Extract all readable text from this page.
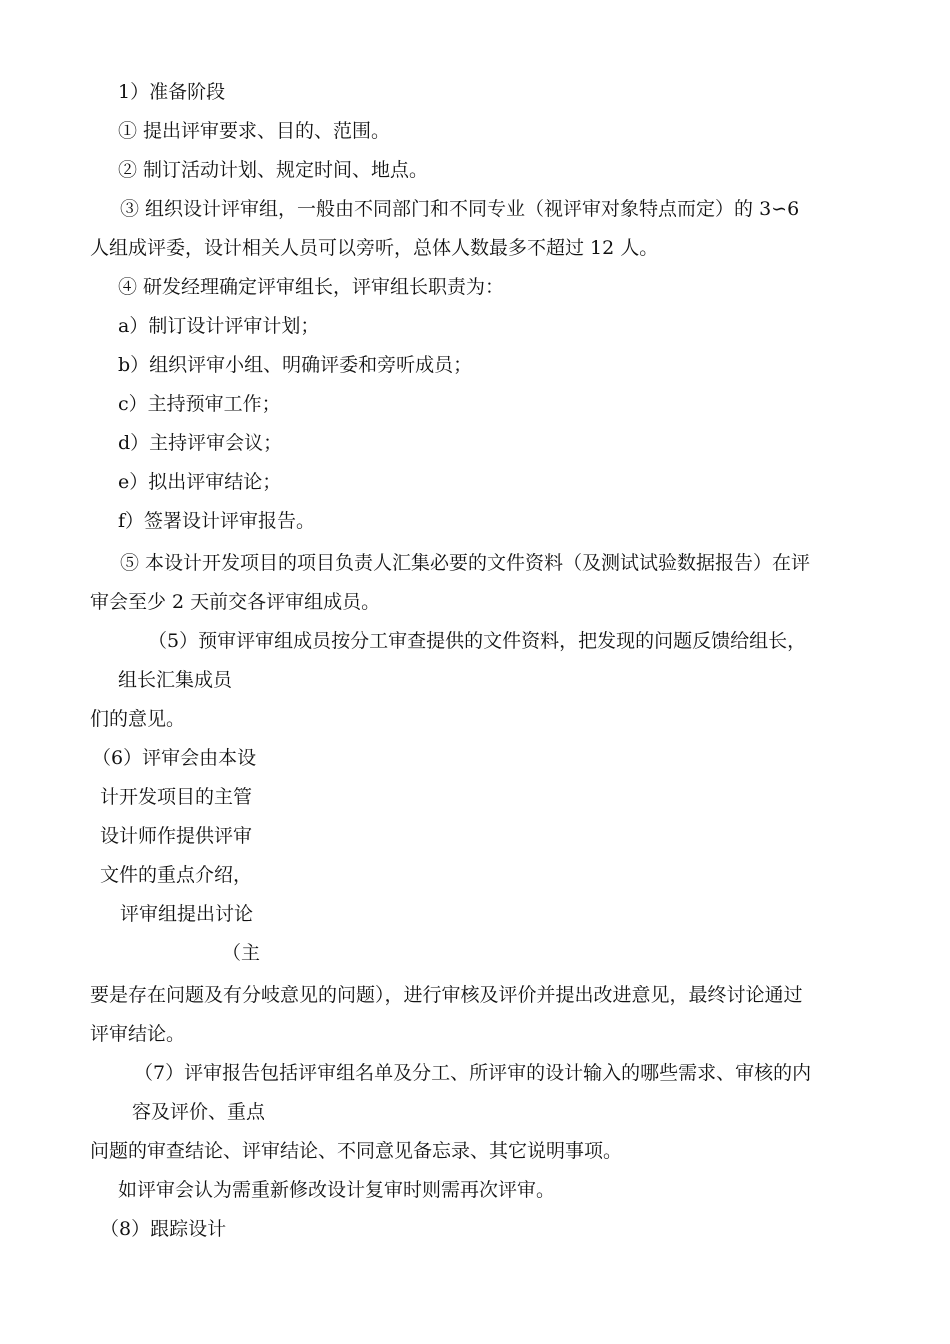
1）准备阶段
① 提出评审要求、目的、范围。
② 制订活动计划、规定时间、地点。
③ 组织设计评审组，一般由不同部门和不同专业（视评审对象特点而定）的 3∽6
人组成评委，设计相关人员可以旁听，总体人数最多不超过 12 人。
④ 研发经理确定评审组长，评审组长职责为：
a）制订设计评审计划；
b）组织评审小组、明确评委和旁听成员；
c）主持预审工作；
d）主持评审会议；
e）拟出评审结论；
f）签署设计评审报告。
⑤ 本设计开发项目的项目负责人汇集必要的文件资料（及测试试验数据报告）在评
审会至少 2 天前交各评审组成员。
（5）预审评审组成员按分工审查提供的文件资料，把发现的问题反馈给组长，
组长汇集成员
们的意见。
（6）评审会由本设
计开发项目的主管
设计师作提供评审
文件的重点介绍，
评审组提出讨论
（主
要是存在问题及有分岐意见的问题），进行审核及评价并提出改进意见，最终讨论通过
评审结论。
（7）评审报告包括评审组名单及分工、所评审的设计输入的哪些需求、审核的内
容及评价、重点
问题的审查结论、评审结论、不同意见备忘录、其它说明事项。
如评审会认为需重新修改设计复审时则需再次评审。
（8）跟踪设计
